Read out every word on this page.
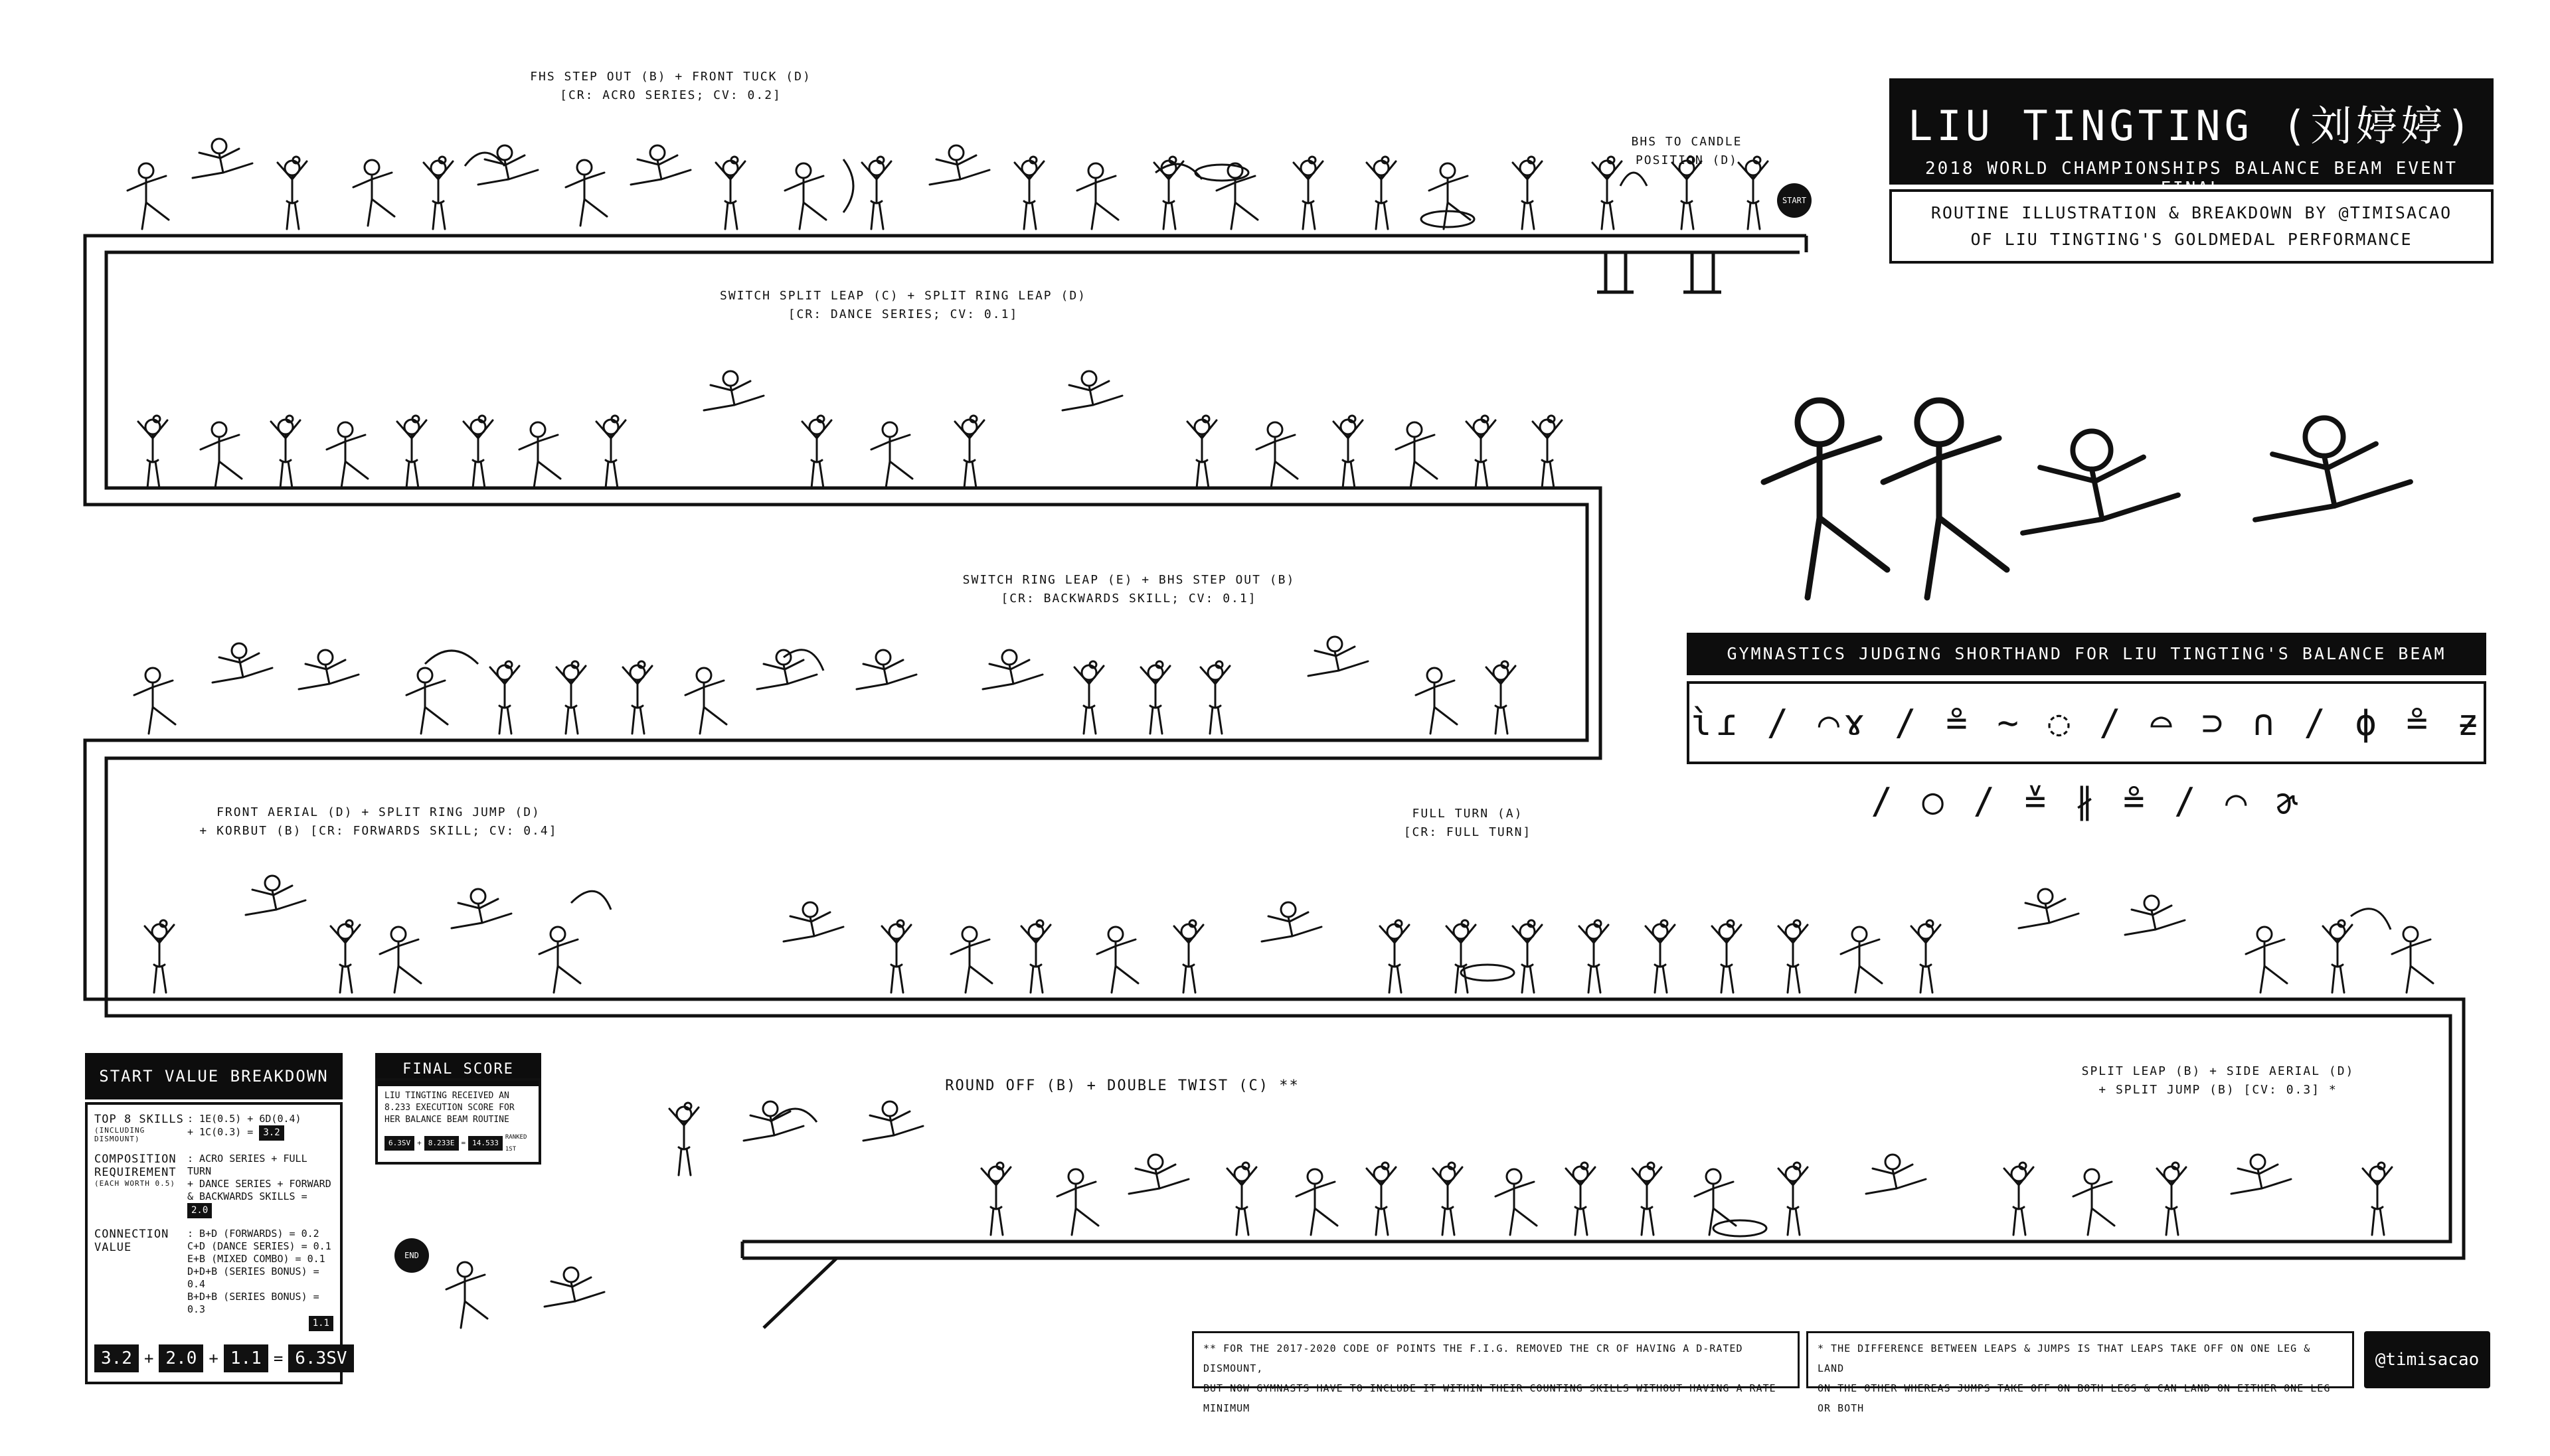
START
END
FHS STEP OUT (B) + FRONT TUCK (D)
[CR: ACRO SERIES; CV: 0.2]
BHS TO CANDLE
POSITION (D)
SWITCH SPLIT LEAP (C) + SPLIT RING LEAP (D)
[CR: DANCE SERIES; CV: 0.1]
SWITCH RING LEAP (E) + BHS STEP OUT (B)
[CR: BACKWARDS SKILL; CV: 0.1]
FRONT AERIAL (D) + SPLIT RING JUMP (D)
+ KORBUT (B) [CR: FORWARDS SKILL; CV: 0.4]
FULL TURN (A)
[CR: FULL TURN]
ROUND OFF (B) + DOUBLE TWIST (C) **
SPLIT LEAP (B) + SIDE AERIAL (D)
+ SPLIT JUMP (B) [CV: 0.3] *
LIU TINGTING (刘婷婷)
2018 WORLD CHAMPIONSHIPS BALANCE BEAM EVENT FINAL
ROUTINE ILLUSTRATION & BREAKDOWN BY @TIMISACAO
OF LIU TINGTING'S GOLDMEDAL PERFORMANCE
GYMNASTICS JUDGING SHORTHAND FOR LIU TINGTING'S BALANCE BEAM ROUTINE
ɩ̀ɾ / ⌒ɤ / ≗ ∼ ◌ / ⌓ ⊃ ∩ / ϕ ≗ ƶ / ○ / ≚ ∦ ≗ / ⌒ ɚ
START VALUE BREAKDOWN
TOP 8 SKILLS
(INCLUDING DISMOUNT)
: 1E(0.5) + 6D(0.4)
+ 1C(0.3) = 3.2
COMPOSITION REQUIREMENT
(EACH WORTH 0.5)
: ACRO SERIES + FULL TURN
+ DANCE SERIES + FORWARD
& BACKWARDS SKILLS = 2.0
CONNECTION VALUE
: B+D (FORWARDS) = 0.2
C+D (DANCE SERIES) = 0.1
E+B (MIXED COMBO) = 0.1
D+D+B (SERIES BONUS) = 0.4
B+D+B (SERIES BONUS) = 0.3
1.1
3.2 + 2.0 + 1.1 = 6.3SV
FINAL SCORE
LIU TINGTING RECEIVED AN 8.233 EXECUTION SCORE FOR HER BALANCE BEAM ROUTINE
6.3SV + 8.233E = 14.533
RANKED 1ST
** FOR THE 2017-2020 CODE OF POINTS THE F.I.G. REMOVED THE CR OF HAVING A D-RATED DISMOUNT,
BUT NOW GYMNASTS HAVE TO INCLUDE IT WITHIN THEIR COUNTING SKILLS WITHOUT HAVING A RATE MINIMUM
* THE DIFFERENCE BETWEEN LEAPS & JUMPS IS THAT LEAPS TAKE OFF ON ONE LEG & LAND
ON THE OTHER WHEREAS JUMPS TAKE OFF ON BOTH LEGS & CAN LAND ON EITHER ONE LEG OR BOTH
@timisacao
